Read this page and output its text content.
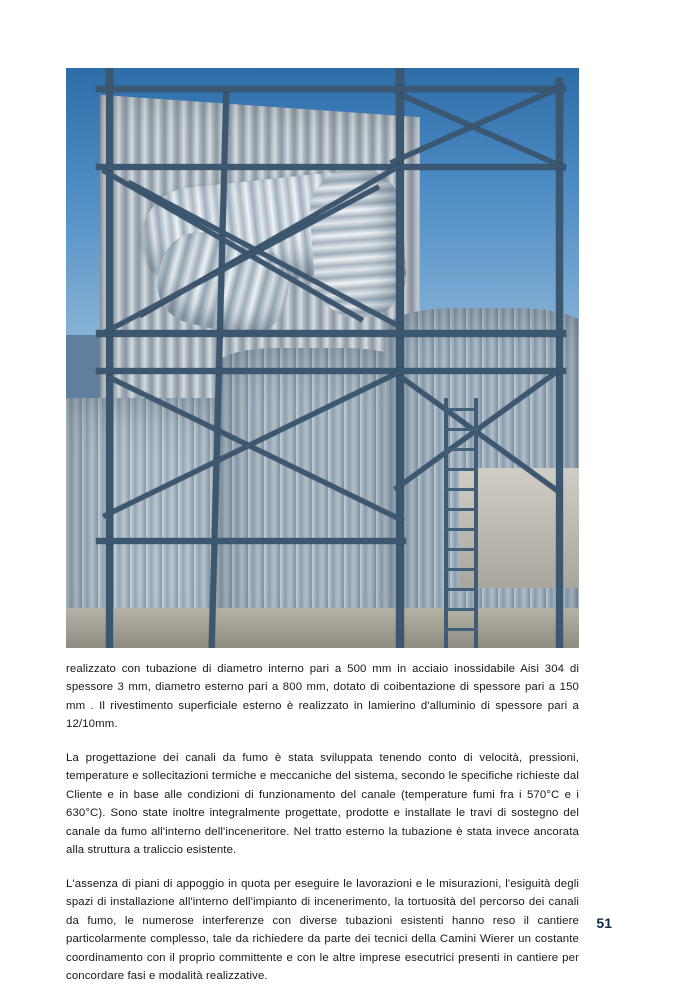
realizzato con tubazione di diametro interno pari a 500 mm in acciaio inossidabile Aisi 304 di spessore 3 mm, diametro esterno pari a 800 mm, dotato di coibentazione di spessore pari a 150 mm . Il rivestimento superficiale esterno è realizzato in lamierino d'alluminio di spessore pari a 12/10mm.

La progettazione dei canali da fumo è stata sviluppata tenendo conto di velocità, pressioni, temperature e sollecitazioni termiche e meccaniche del sistema, secondo le specifiche richieste dal Cliente e in base alle condizioni di funzionamento del canale (temperature fumi fra i 570°C e i 630°C). Sono state inoltre integralmente progettate, prodotte e installate le travi di sostegno del canale da fumo all'interno dell'inceneritore. Nel tratto esterno la tubazione è stata invece ancorata alla struttura a traliccio esistente.

L'assenza di piani di appoggio in quota per eseguire le lavorazioni e le misurazioni, l'esiguità degli spazi di installazione all'interno dell'impianto di incenerimento, la tortuosità del percorso dei canali da fumo, le numerose interferenze con diverse tubazioni esistenti hanno reso il cantiere particolarmente complesso, tale da richiedere da parte dei tecnici della Camini Wierer un costante coordinamento con il proprio committente e con le altre imprese esecutrici presenti in cantiere per concordare fasi e modalità realizzative.

51
